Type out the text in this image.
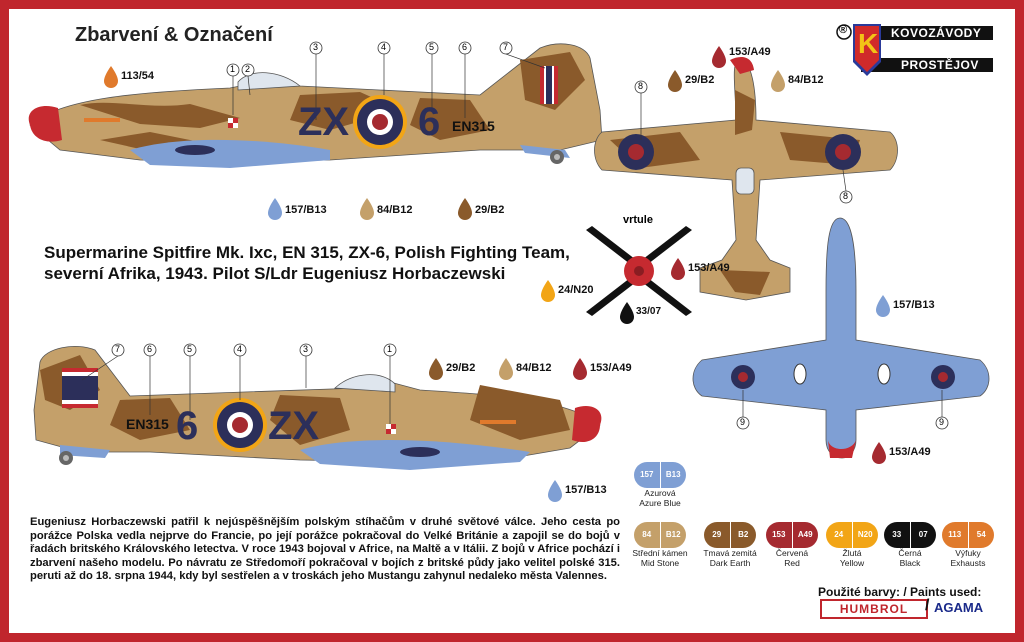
Zbarvení & Označení	® K KOVOZÁVODY
PROSTĚJOV
1 2
3	4	5	6	7
8
8
7	6	5	4	3	1
9	9
ZX 6 EN315
ZX
6
EN315
113/54
157/B13	84/B12	29/B2
153/A49
29/B2	84/B12
vrtule
153/A49
24/N20
33/07
157/B13
153/A49
29/B2	84/B12	153/A49
157/B13
Supermarine Spitfire Mk. Ixc, EN 315, ZX-6, Polish Fighting Team,
severní Afrika, 1943. Pilot S/Ldr Eugeniusz Horbaczewski
Eugeniusz Horbaczewski patřil k nejúspěšnějším polským stíhačům v druhé světové válce. Jeho cesta po porážce Polska vedla nejprve do Francie, po její porážce pokračoval do Velké Británie a zapojil se do bojů v řadách britského Královského letectva. V roce 1943 bojoval v Africe, na Maltě a v Itálii. Z bojů v Africe pochází i zbarvení našeho modelu. Po návratu ze Středomoří pokračoval v bojích z britské půdy jako velitel polské 315. peruti až do 18. srpna 1944, kdy byl sestřelen a v troskách jeho Mustangu zahynul nedaleko města Valennes.
157	B13
Azurová
Azure Blue
84	B12
Střední kámen
Mid Stone
29	B2
Tmavá zemitá
Dark Earth
153	A49
Červená
Red
24	N20
Žlutá
Yellow
33	07
Černá
Black
113	54
Výfuky
Exhausts
Použité barvy: / Paints used:
HUMBROL	/ AGAMA
